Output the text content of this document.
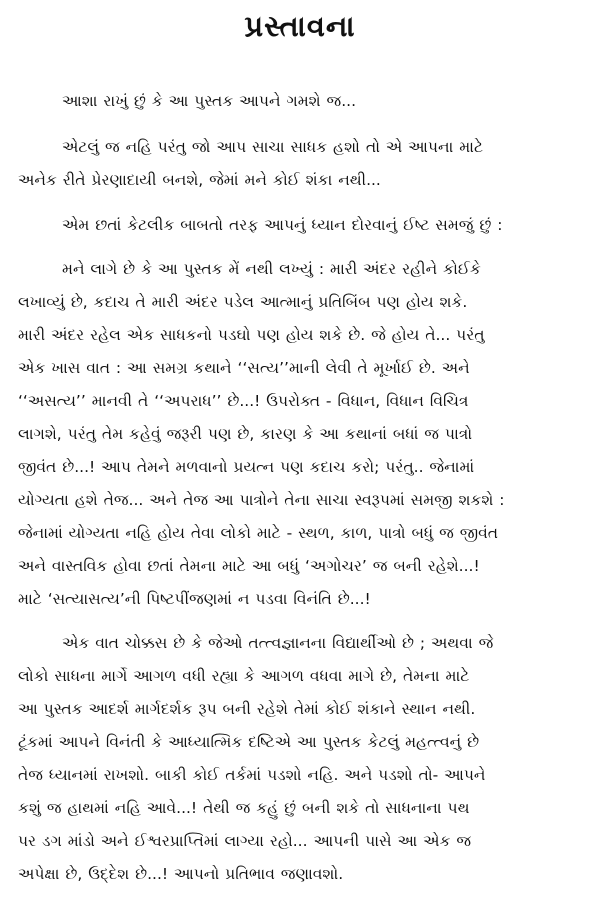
પ્રસ્તાવના
આશા રાખું છું કે આ પુસ્તક આપને ગમશે જ...
એટલું જ નહિ પરંતુ જો આપ સાચા સાધક હશો તો એ આપના માટે
અનેક રીતે પ્રેરણાદાયી બનશે, જેમાં મને કોઈ શંકા નથી...
એમ છતાં કેટલીક બાબતો તરફ આપનું ધ્યાન દોરવાનું ઈષ્ટ સમજું છું :
મને લાગે છે કે આ પુસ્તક મેં નથી લખ્યું : મારી અંદર રહીને કોઈકે
લખાવ્યું છે, કદાચ તે મારી અંદર પડેલ આત્માનું પ્રતિબિંબ પણ હોય શકે.
મારી અંદર રહેલ એક સાધકનો પડઘો પણ હોય શકે છે. જે હોય તે... પરંતુ
એક ખાસ વાત : આ સમગ્ર કથાને ‘‘સત્ય’’માની લેવી તે મૂર્ખાઈ છે. અને
‘‘અસત્ય’’ માનવી તે ‘‘અપરાધ’’ છે...! ઉપરોક્ત - વિધાન, વિધાન વિચિત્ર
લાગશે, પરંતુ તેમ કહેવું જરૂરી પણ છે, કારણ કે આ કથાનાં બધાં જ પાત્રો
જીવંત છે...! આપ તેમને મળવાનો પ્રયત્ન પણ કદાચ કરો; પરંતુ.. જેનામાં
યોગ્યતા હશે તેજ... અને તેજ આ પાત્રોને તેના સાચા સ્વરૂપમાં સમજી શકશે :
જેનામાં યોગ્યતા નહિ હોય તેવા લોકો માટે - સ્થળ, કાળ, પાત્રો બધું જ જીવંત
અને વાસ્તવિક હોવા છતાં તેમના માટે આ બધું ‘અગોચર’ જ બની રહેશે...!
માટે ‘સત્યાસત્ય’ની પિષ્ટપીંજણમાં ન પડવા વિનંતિ છે...!
એક વાત ચોક્કસ છે કે જેઓ તત્ત્વજ્ઞાનના વિદ્યાર્થીઓ છે ; અથવા જે
લોકો સાધના માર્ગે આગળ વધી રહ્યા કે આગળ વધવા માગે છે, તેમના માટે
આ પુસ્તક આદર્શ માર્ગદર્શક રૂપ બની રહેશે તેમાં કોઈ શંકાને સ્થાન નથી.
ટૂંકમાં આપને વિનંતી કે આધ્યાત્મિક દષ્ટિએ આ પુસ્તક કેટલું મહત્ત્વનું છે
તેજ ધ્યાનમાં રાખશો. બાકી કોઈ તર્કમાં પડશો નહિ. અને પડશો તો- આપને
કશું જ હાથમાં નહિ આવે...! તેથી જ કહું છું બની શકે તો સાધનાના પથ
પર ડગ માંડો અને ઈશ્વરપ્રાપ્તિમાં લાગ્યા રહો... આપની પાસે આ એક જ
અપેક્ષા છે, ઉદ્દેશ છે...! આપનો પ્રતિભાવ જણાવશો.
